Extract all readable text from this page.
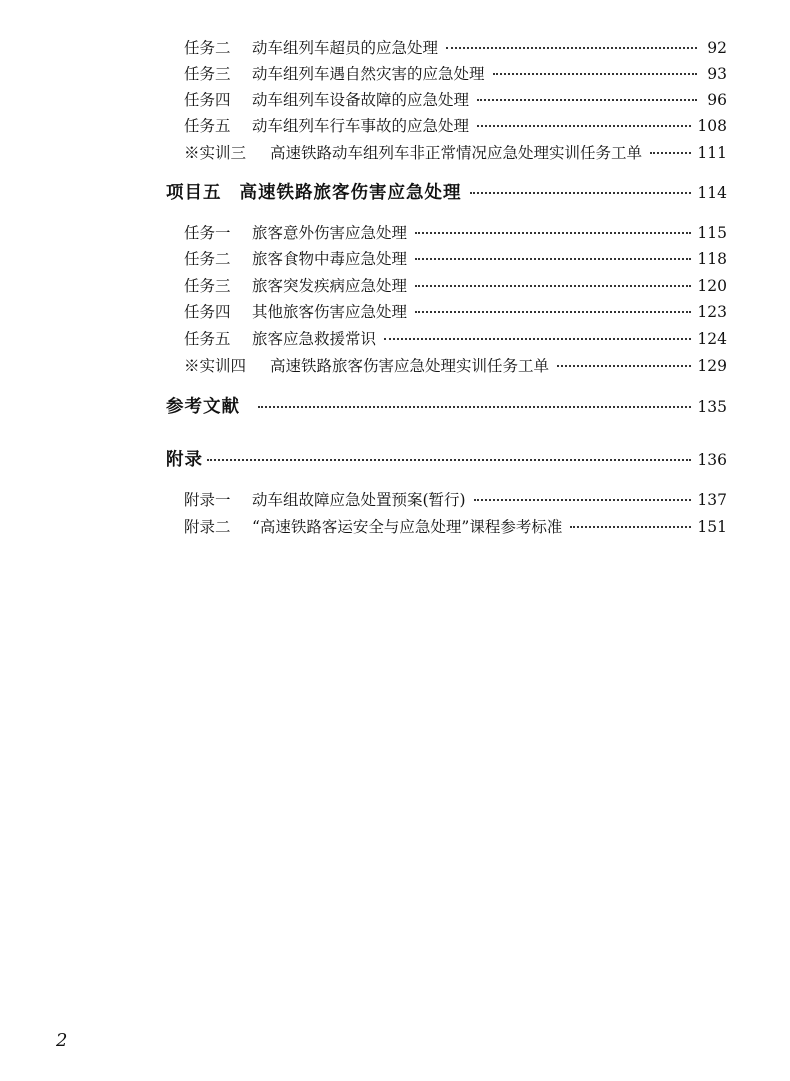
任务二	动车组列车超员的应急处理	92
任务三	动车组列车遇自然灾害的应急处理	93
任务四	动车组列车设备故障的应急处理	96
任务五	动车组列车行车事故的应急处理	108
※实训三	高速铁路动车组列车非正常情况应急处理实训任务工单	111
项目五 高速铁路旅客伤害应急处理	114
任务一	旅客意外伤害应急处理	115
任务二	旅客食物中毒应急处理	118
任务三	旅客突发疾病应急处理	120
任务四	其他旅客伤害应急处理	123
任务五	旅客应急救援常识	124
※实训四	高速铁路旅客伤害应急处理实训任务工单	129
参考文献	135
附录	136
附录一	动车组故障应急处置预案(暂行)	137
附录二	“高速铁路客运安全与应急处理”课程参考标准	151
2
